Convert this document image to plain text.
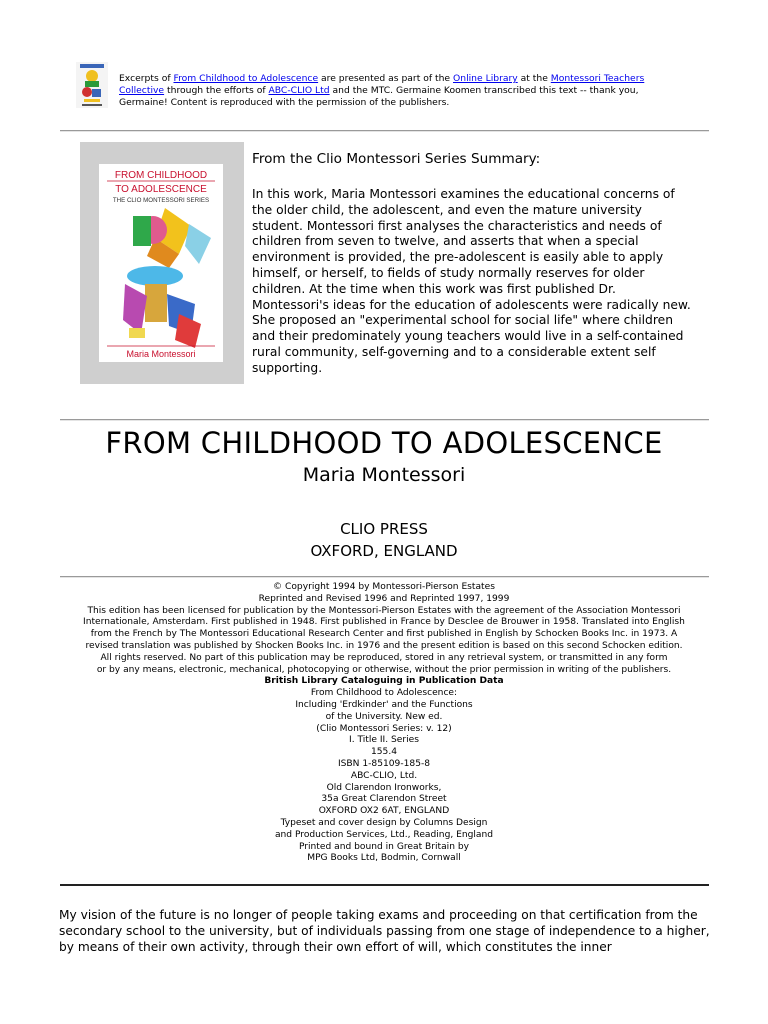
Excerpts of From Childhood to Adolescence are presented as part of the Online Library at the Montessori Teachers
Collective through the efforts of ABC-CLIO Ltd and the MTC. Germaine Koomen transcribed this text -- thank you,
Germaine! Content is reproduced with the permission of the publishers.
FROM CHILDHOOD
TO ADOLESCENCE
THE CLIO MONTESSORI SERIES
Maria Montessori
From the Clio Montessori Series Summary:
In this work, Maria Montessori examines the educational concerns of the older child, the adolescent, and even the mature university student. Montessori first analyses the characteristics and needs of children from seven to twelve, and asserts that when a special environment is provided, the pre-adolescent is easily able to apply himself, or herself, to fields of study normally reserves for older children. At the time when this work was first published Dr. Montessori's ideas for the education of adolescents were radically new. She proposed an "experimental school for social life" where children and their predominately young teachers would live in a self-contained rural community, self-governing and to a considerable extent self supporting.
FROM CHILDHOOD TO ADOLESCENCE
Maria Montessori
CLIO PRESS
OXFORD, ENGLAND
© Copyright 1994 by Montessori-Pierson Estates
Reprinted and Revised 1996 and Reprinted 1997, 1999
This edition has been licensed for publication by the Montessori-Pierson Estates with the agreement of the Association Montessori
Internationale, Amsterdam. First published in 1948. First published in France by Desclee de Brouwer in 1958. Translated into English
from the French by The Montessori Educational Research Center and first published in English by Schocken Books Inc. in 1973. A
revised translation was published by Shocken Books Inc. in 1976 and the present edition is based on this second Schocken edition.
All rights reserved. No part of this publication may be reproduced, stored in any retrieval system, or transmitted in any form
or by any means, electronic, mechanical, photocopying or otherwise, without the prior permission in writing of the publishers.
British Library Cataloguing in Publication Data
From Childhood to Adolescence:
Including 'Erdkinder' and the Functions
of the University. New ed.
(Clio Montessori Series: v. 12)
I. Title II. Series
155.4
ISBN 1-85109-185-8
ABC-CLIO, Ltd.
Old Clarendon Ironworks,
35a Great Clarendon Street
OXFORD OX2 6AT, ENGLAND
Typeset and cover design by Columns Design
and Production Services, Ltd., Reading, England
Printed and bound in Great Britain by
MPG Books Ltd, Bodmin, Cornwall
My vision of the future is no longer of people taking exams and proceeding on that certification from the secondary school to the university, but of individuals passing from one stage of independence to a higher, by means of their own activity, through their own effort of will, which constitutes the inner
